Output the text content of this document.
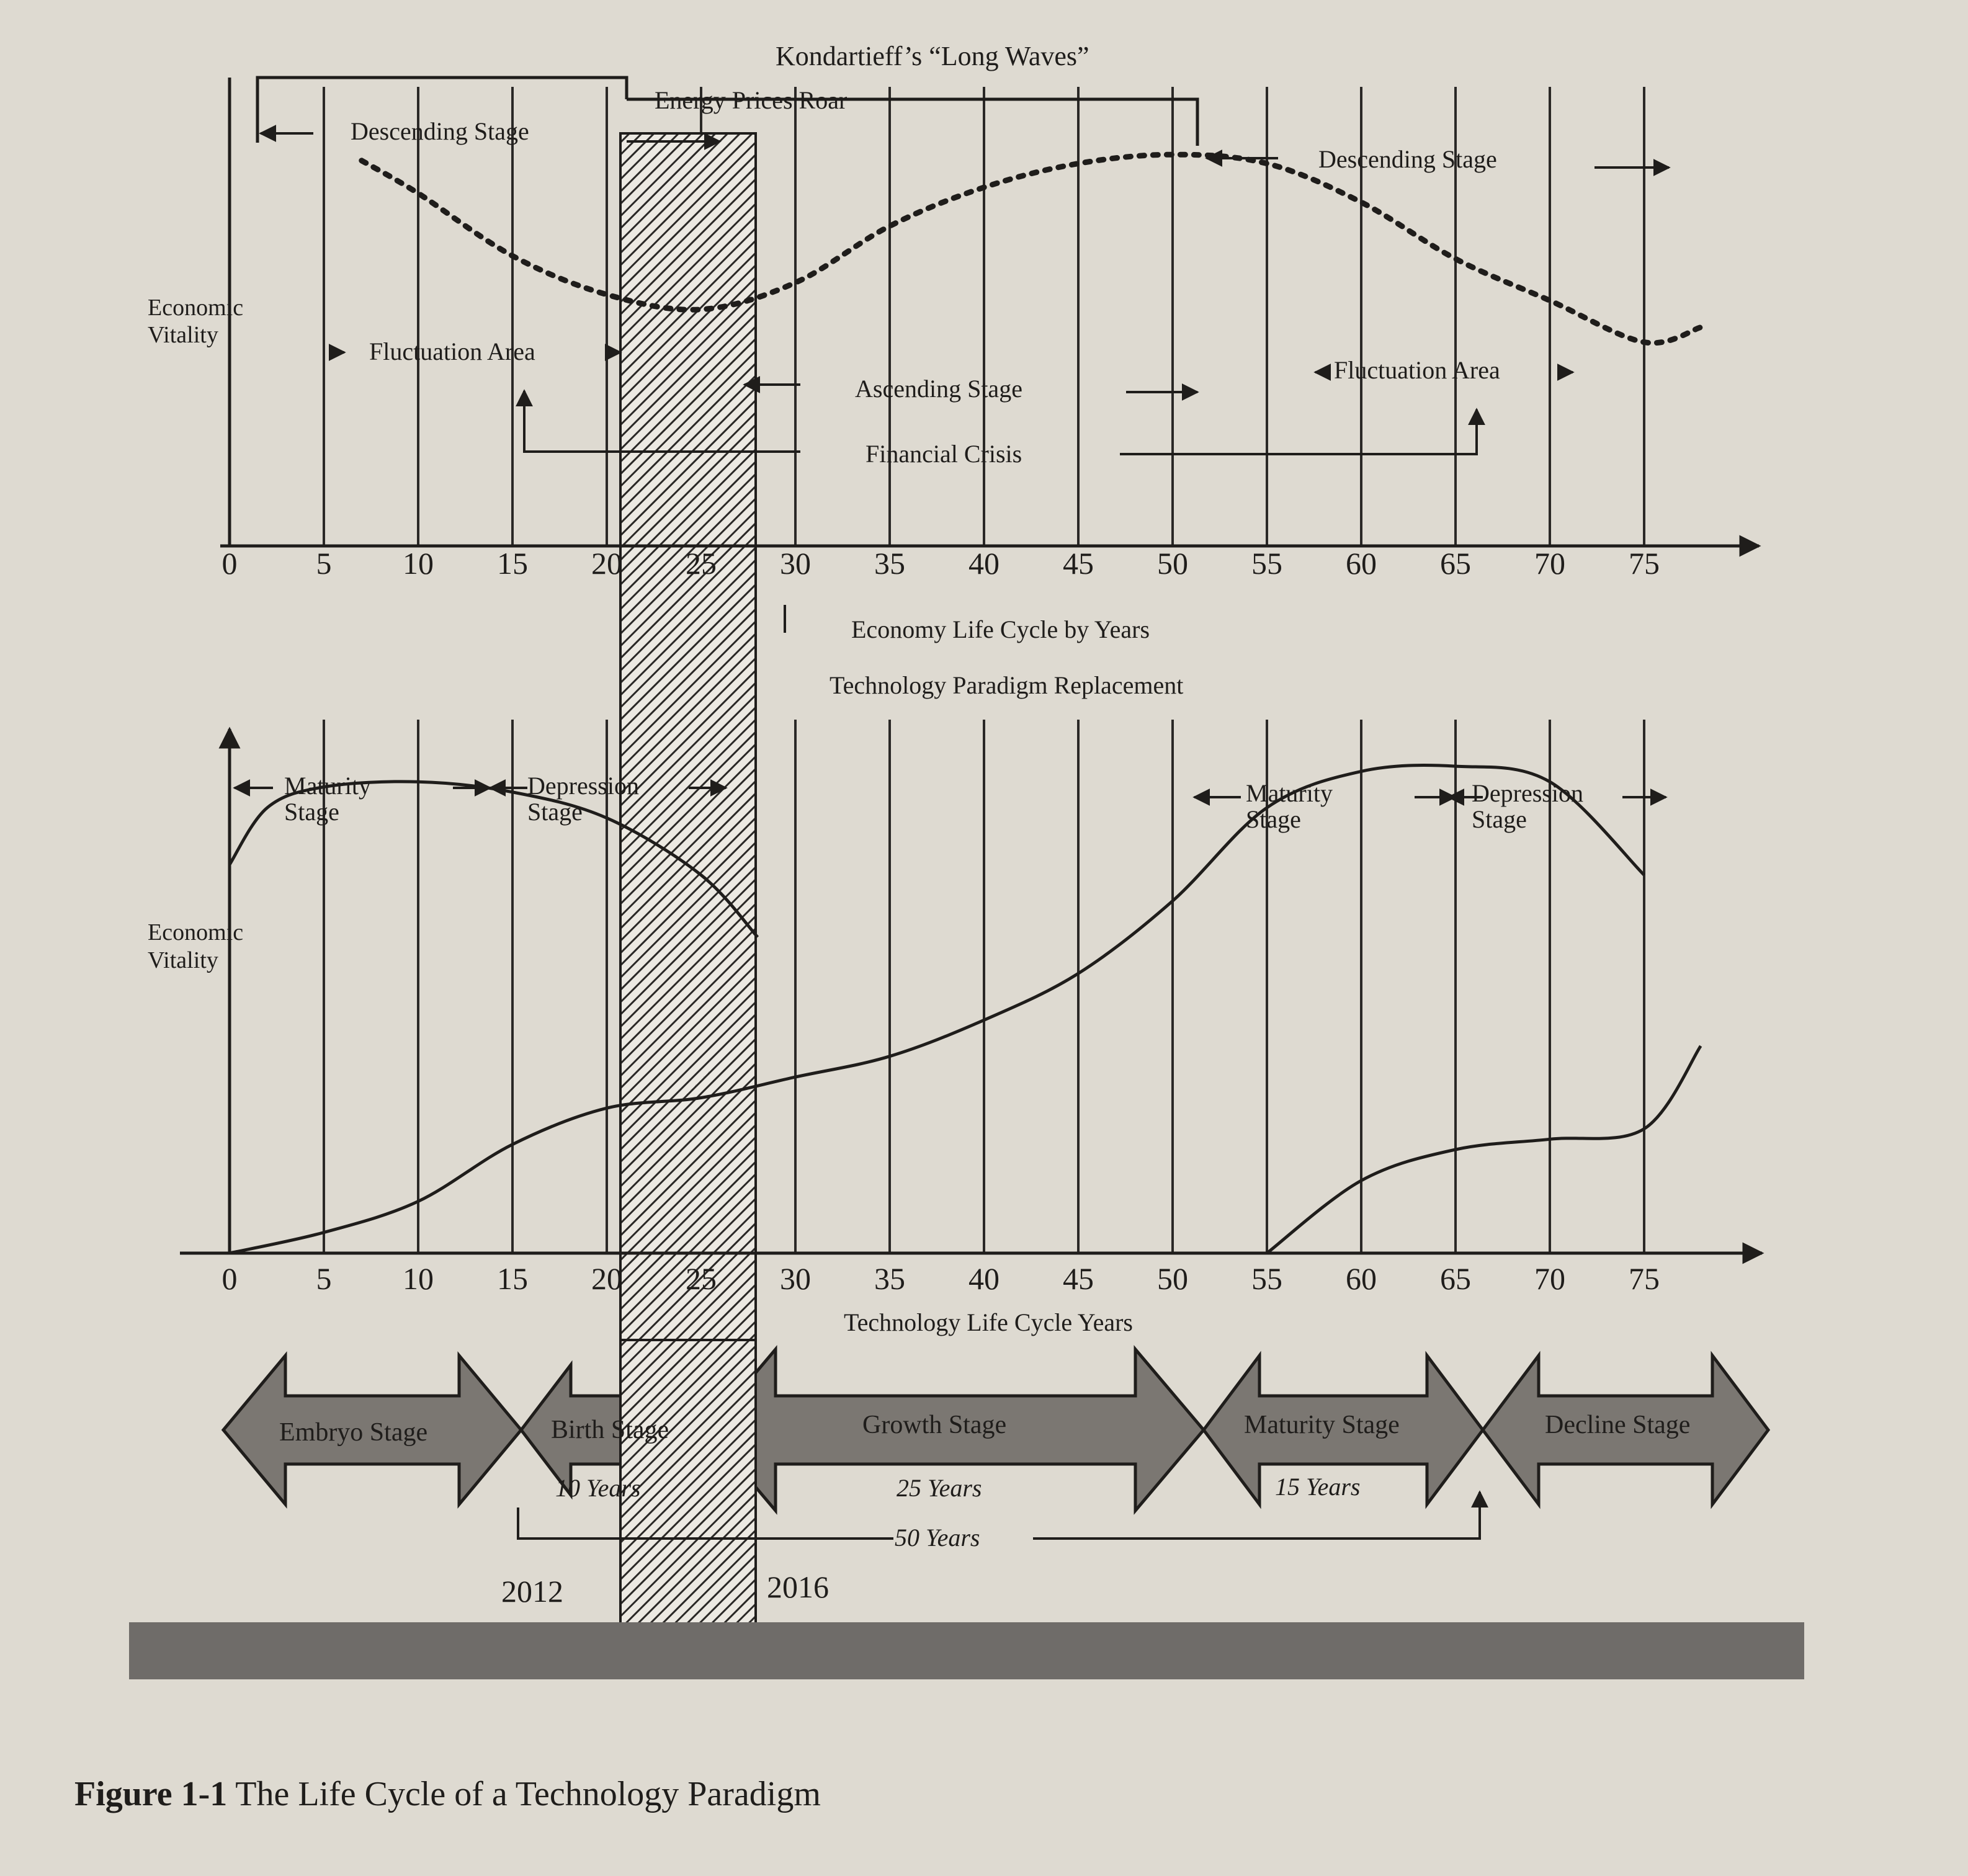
Kondartieff’s “Long Waves”
Energy Prices Roar
Descending Stage
Descending Stage
Fluctuation Area
Fluctuation Area
Ascending Stage
Financial Crisis
Economic
Vitality
0	5 10 15 20 25 30 35 40 45 50 55 60 65 70 75
Economy Life Cycle by Years
Technology Paradigm Replacement
Maturity
Stage
Depression
Stage
Maturity
Stage
Depression
Stage
Economic
Vitality
0	5 10 15 20 25 30 35 40 45 50 55 60 65 70 75
Technology Life Cycle Years
Embryo Stage	Birth Stage	Growth Stage	Maturity Stage	Decline Stage
10 Years	25 Years	15 Years
50 Years
2012	2016
Figure 1-1 The Life Cycle of a Technology Paradigm
